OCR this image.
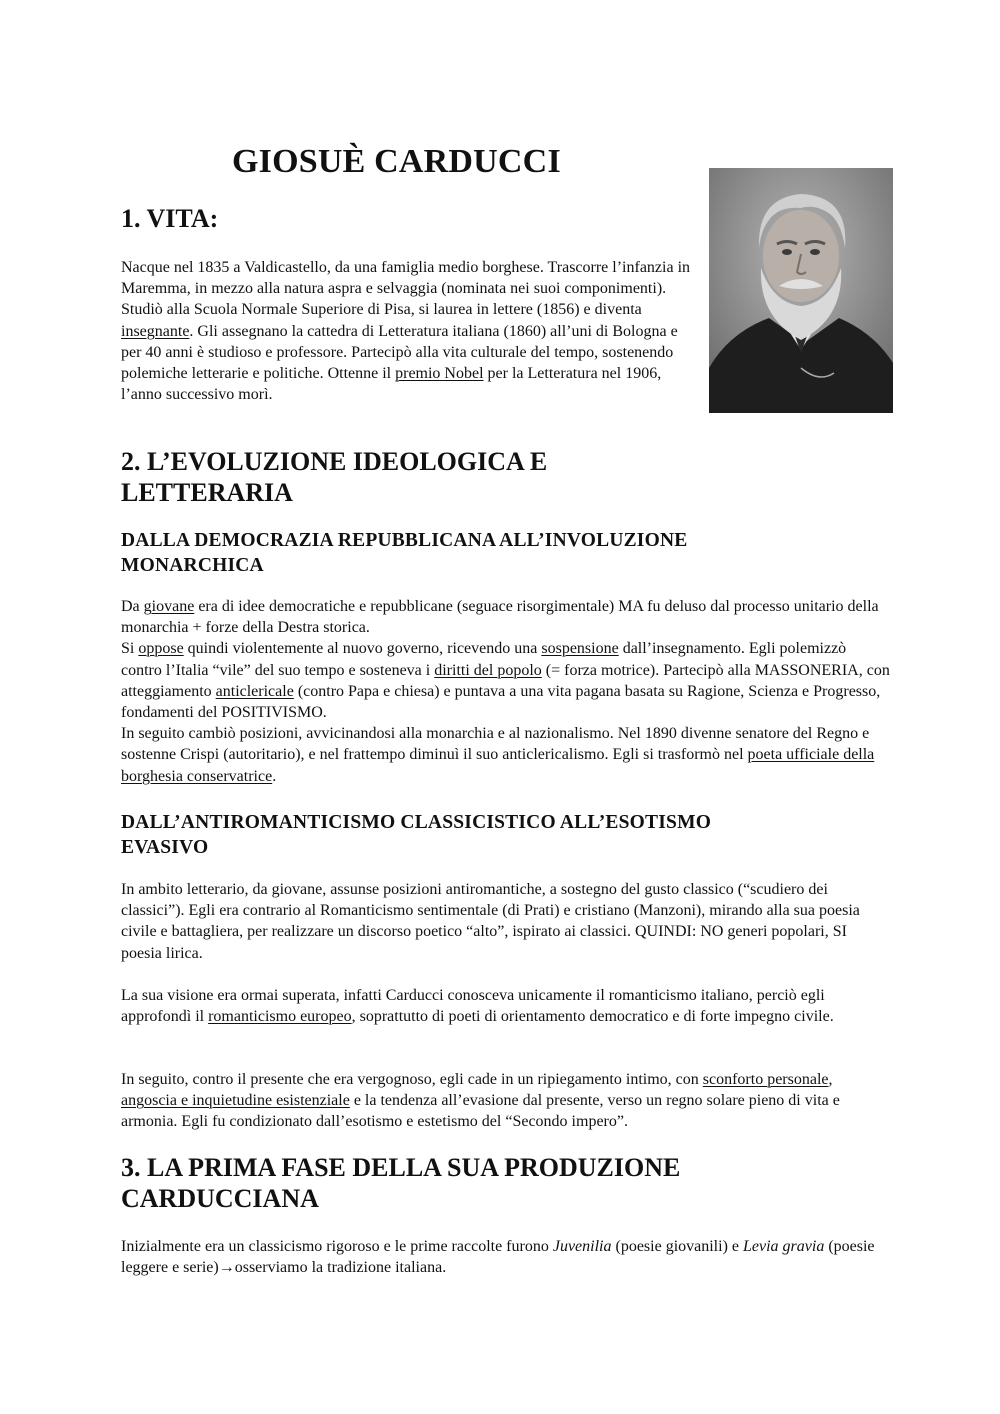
GIOSUÈ CARDUCCI
1. VITA:

Nacque nel 1835 a Valdicastello, da una famiglia medio borghese. Trascorre l’infanzia in Maremma, in mezzo alla natura aspra e selvaggia (nominata nei suoi componimenti). Studiò alla Scuola Normale Superiore di Pisa, si laurea in lettere (1856) e diventa insegnante. Gli assegnano la cattedra di Letteratura italiana (1860) all’uni di Bologna e per 40 anni è studioso e professore. Partecipò alla vita culturale del tempo, sostenendo polemiche letterarie e politiche. Ottenne il premio Nobel per la Letteratura nel 1906, l’anno successivo morì.

2. L’EVOLUZIONE IDEOLOGICA E
LETTERARIA
DALLA DEMOCRAZIA REPUBBLICANA ALL’INVOLUZIONE
MONARCHICA

Da giovane era di idee democratiche e repubblicane (seguace risorgimentale) MA fu deluso dal processo unitario della monarchia + forze della Destra storica.
Si oppose quindi violentemente al nuovo governo, ricevendo una sospensione dall’insegnamento. Egli polemizzò contro l’Italia “vile” del suo tempo e sosteneva i diritti del popolo (= forza motrice). Partecipò alla MASSONERIA, con atteggiamento anticlericale (contro Papa e chiesa) e puntava a una vita pagana basata su Ragione, Scienza e Progresso, fondamenti del POSITIVISMO.
In seguito cambiò posizioni, avvicinandosi alla monarchia e al nazionalismo. Nel 1890 divenne senatore del Regno e sostenne Crispi (autoritario), e nel frattempo diminuì il suo anticlericalismo. Egli si trasformò nel poeta ufficiale della borghesia conservatrice.

DALL’ANTIROMANTICISMO CLASSICISTICO ALL’ESOTISMO
EVASIVO

In ambito letterario, da giovane, assunse posizioni antiromantiche, a sostegno del gusto classico (“scudiero dei classici”). Egli era contrario al Romanticismo sentimentale (di Prati) e cristiano (Manzoni), mirando alla sua poesia civile e battagliera, per realizzare un discorso poetico “alto”, ispirato ai classici. QUINDI: NO generi popolari, SI poesia lirica.

La sua visione era ormai superata, infatti Carducci conosceva unicamente il romanticismo italiano, perciò egli approfondì il romanticismo europeo, soprattutto di poeti di orientamento democratico e di forte impegno civile.

In seguito, contro il presente che era vergognoso, egli cade in un ripiegamento intimo, con sconforto personale, angoscia e inquietudine esistenziale e la tendenza all’evasione dal presente, verso un regno solare pieno di vita e armonia. Egli fu condizionato dall’esotismo e estetismo del “Secondo impero”.

3. LA PRIMA FASE DELLA SUA PRODUZIONE
CARDUCCIANA

Inizialmente era un classicismo rigoroso e le prime raccolte furono Juvenilia (poesie giovanili) e Levia gravia (poesie leggere e serie)→osserviamo la tradizione italiana.
